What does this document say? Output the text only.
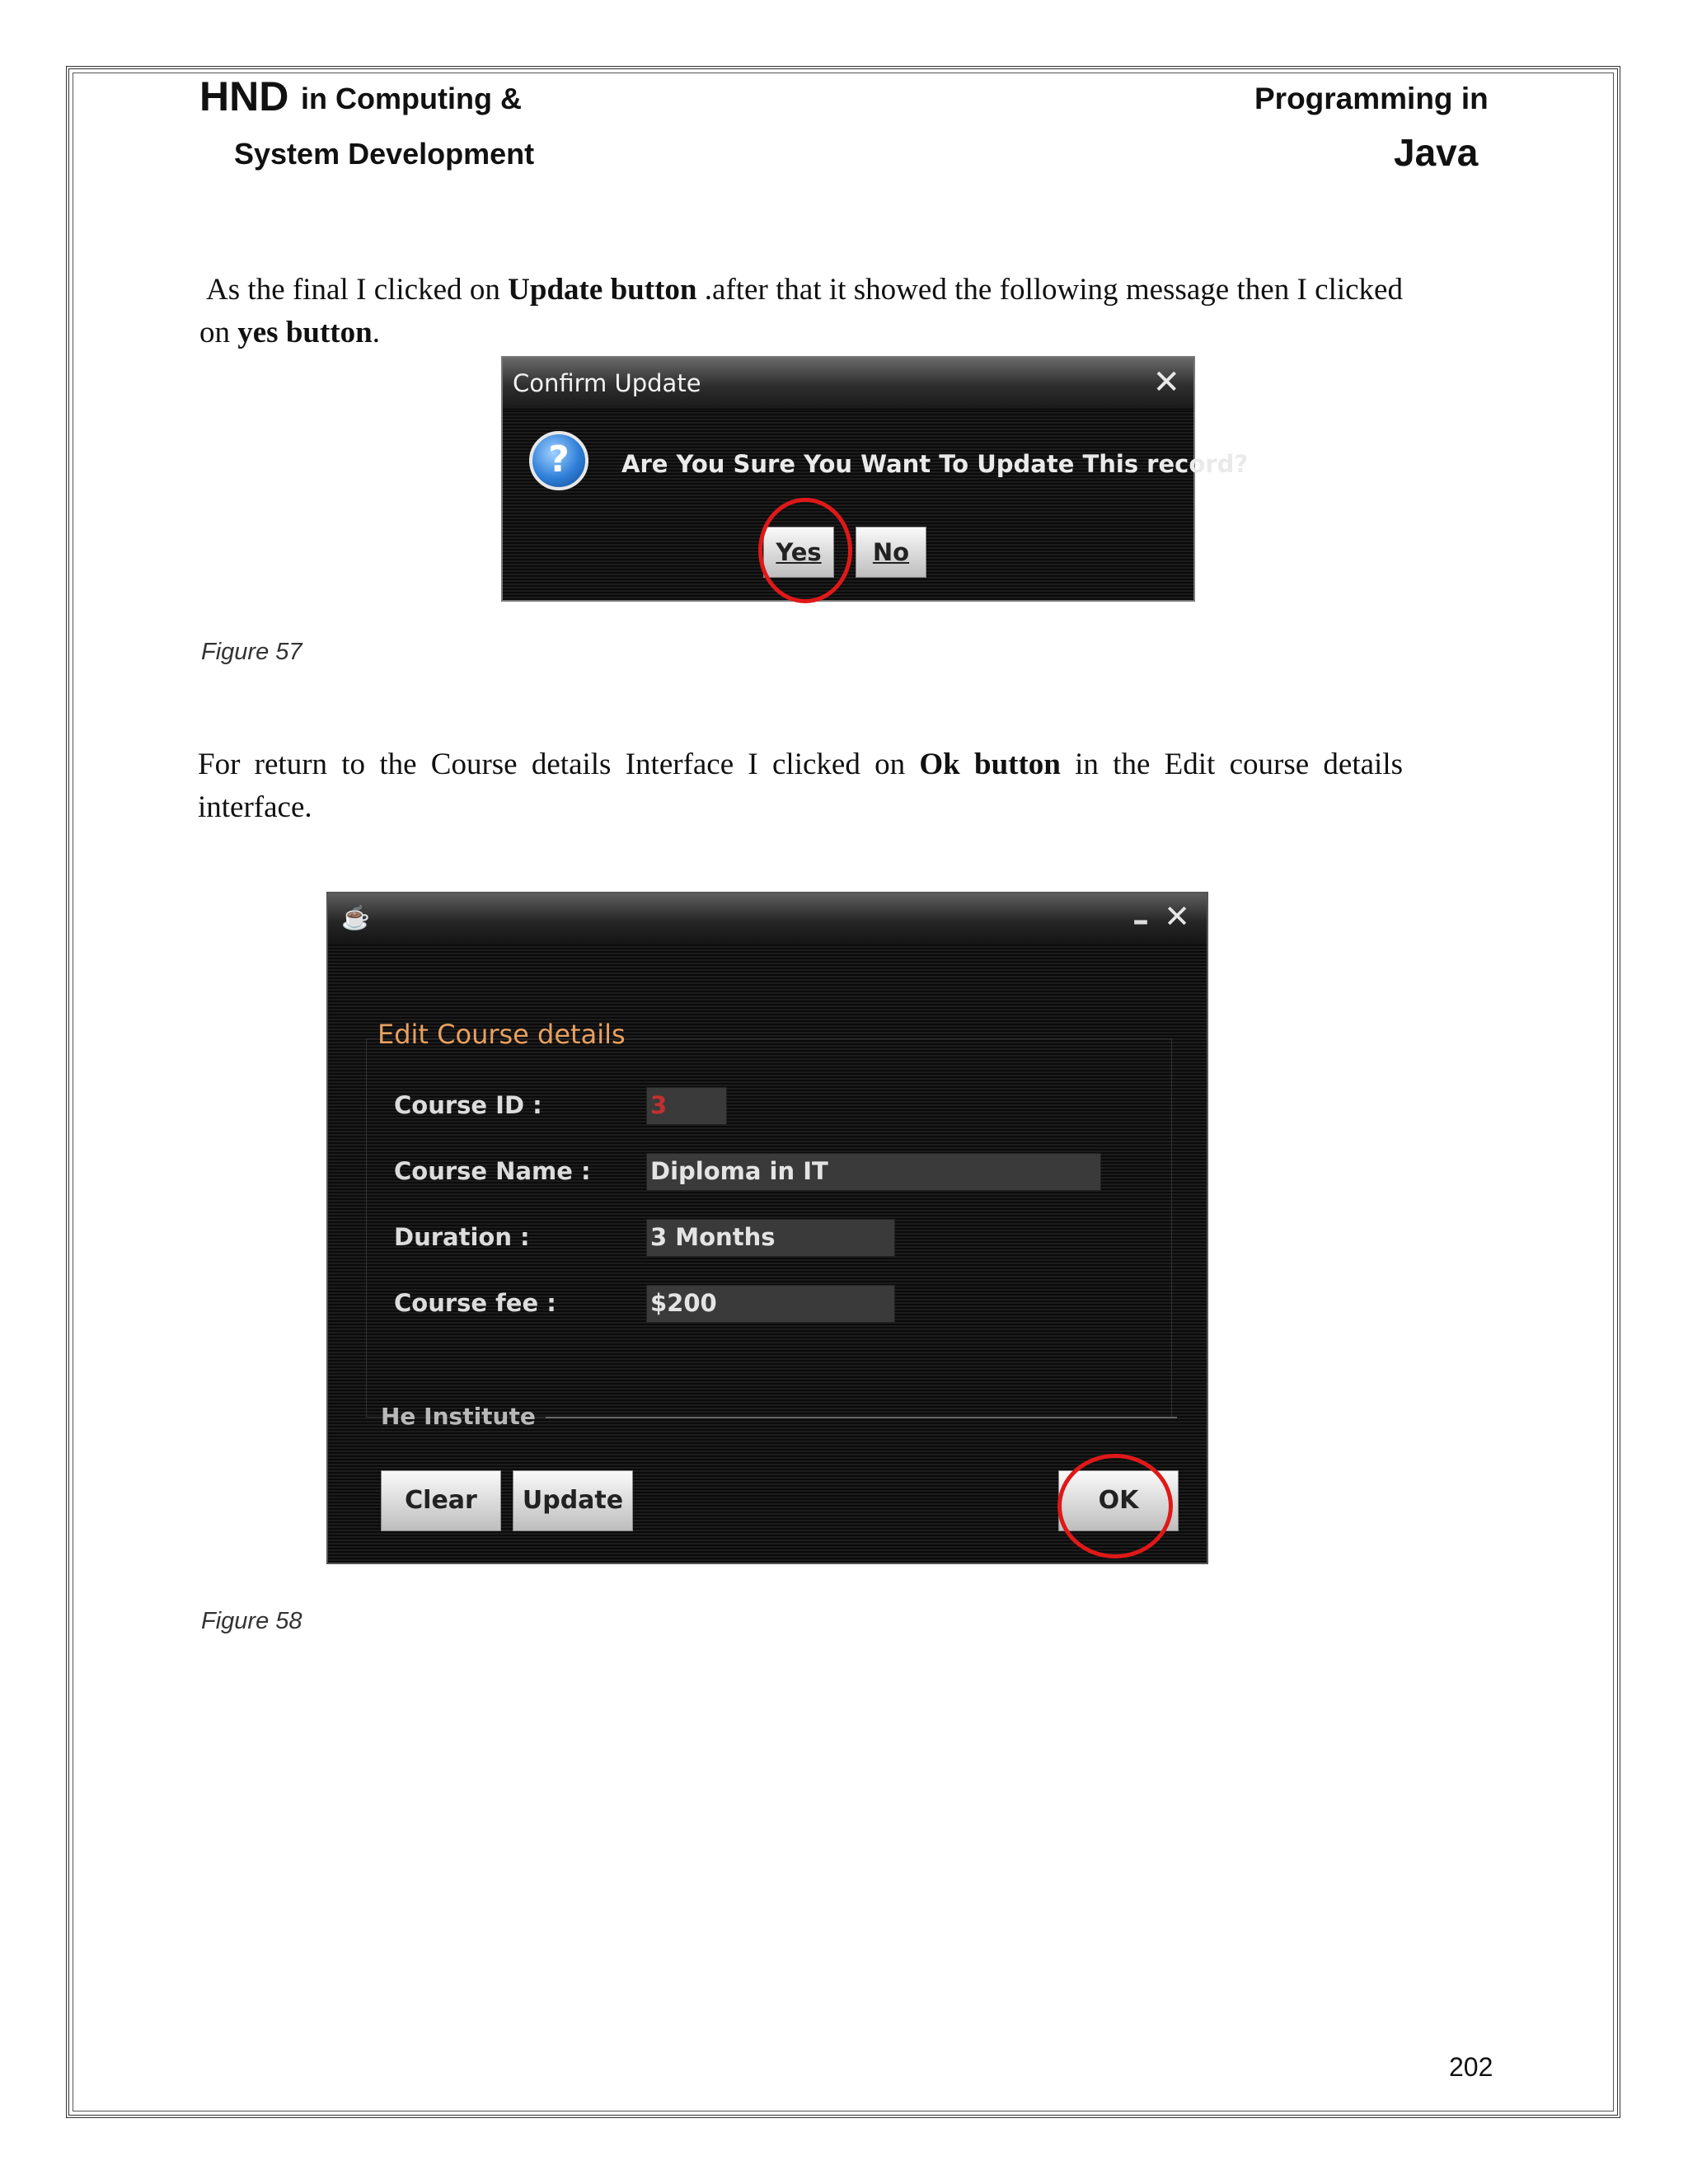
HND in Computing &
System Development
Programming in
Java
As the final I clicked on Update button .after that it showed the following message then I clicked on yes button.
Confirm Update	✕
?	Are You Sure You Want To Update This record?
Yes	No
Figure 57
For return to the Course details Interface I clicked on Ok button in the Edit course details interface.
☕	– ✕
Edit Course details
Course ID :	3
Course Name : Diploma in IT
Duration :	3 Months
Course fee :	$200
He Institute
Clear	Update	OK
Figure 58
202
